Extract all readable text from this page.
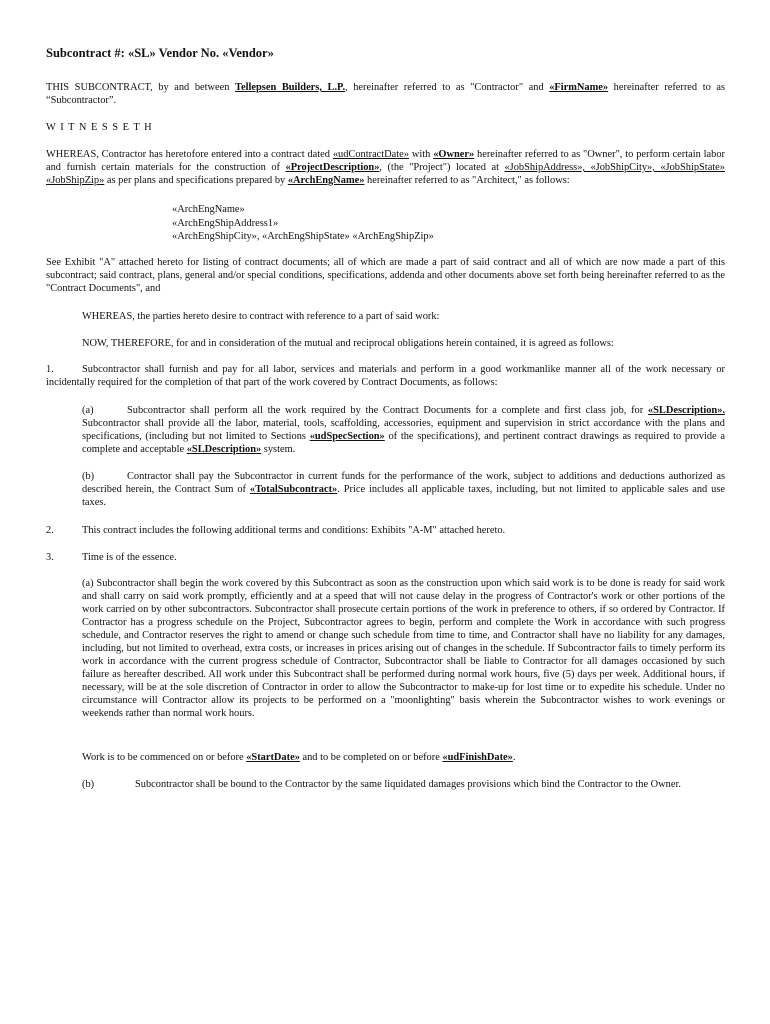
Subcontract #: «SL» Vendor No. «Vendor»
THIS SUBCONTRACT, by and between Tellepsen Builders, L.P., hereinafter referred to as "Contractor" and «FirmName» hereinafter referred to as “Subcontractor”.
W I T N E S S E T H
WHEREAS, Contractor has heretofore entered into a contract dated «udContractDate» with «Owner» hereinafter referred to as "Owner", to perform certain labor and furnish certain materials for the construction of «ProjectDescription», (the "Project") located at «JobShipAddress», «JobShipCity», «JobShipState» «JobShipZip» as per plans and specifications prepared by «ArchEngName» hereinafter referred to as "Architect," as follows:
«ArchEngName»
«ArchEngShipAddress1»
«ArchEngShipCity», «ArchEngShipState» «ArchEngShipZip»
See Exhibit "A" attached hereto for listing of contract documents; all of which are made a part of said contract and all of which are now made a part of this subcontract; said contract, plans, general and/or special conditions, specifications, addenda and other documents above set forth being hereinafter referred to as the "Contract Documents", and
WHEREAS, the parties hereto desire to contract with reference to a part of said work:
NOW, THEREFORE, for and in consideration of the mutual and reciprocal obligations herein contained, it is agreed as follows:
1.	Subcontractor shall furnish and pay for all labor, services and materials and perform in a good workmanlike manner all of the work necessary or incidentally required for the completion of that part of the work covered by Contract Documents, as follows:
(a)	Subcontractor shall perform all the work required by the Contract Documents for a complete and first class job, for «SLDescription». Subcontractor shall provide all the labor, material, tools, scaffolding, accessories, equipment and supervision in strict accordance with the plans and specifications, (including but not limited to Sections «udSpecSection» of the specifications), and pertinent contract drawings as required to provide a complete and acceptable «SLDescription» system.
(b)	Contractor shall pay the Subcontractor in current funds for the performance of the work, subject to additions and deductions authorized as described herein, the Contract Sum of «TotalSubcontract». Price includes all applicable taxes, including, but not limited to applicable sales and use taxes.
2.	This contract includes the following additional terms and conditions: Exhibits "A-M" attached hereto.
3.	Time is of the essence.
(a) Subcontractor shall begin the work covered by this Subcontract as soon as the construction upon which said work is to be done is ready for said work and shall carry on said work promptly, efficiently and at a speed that will not cause delay in the progress of Contractor's work or other portions of the work carried on by other subcontractors. Subcontractor shall prosecute certain portions of the work in preference to others, if so ordered by Contractor. If Contractor has a progress schedule on the Project, Subcontractor agrees to begin, perform and complete the Work in accordance with such progress schedule, and Contractor reserves the right to amend or change such schedule from time to time, and Contractor shall have no liability for any damages, including, but not limited to overhead, extra costs, or increases in prices arising out of changes in the schedule. If Subcontractor fails to timely perform its work in accordance with the current progress schedule of Contractor, Subcontractor shall be liable to Contractor for all damages occasioned by such failure as hereafter described. All work under this Subcontract shall be performed during normal work hours, five (5) days per week. Additional hours, if necessary, will be at the sole discretion of Contractor in order to allow the Subcontractor to make-up for lost time or to expedite his schedule. Under no circumstance will Contractor allow its projects to be performed on a "moonlighting" basis wherein the Subcontractor wishes to work evenings or weekends rather than normal work hours.
Work is to be commenced on or before «StartDate» and to be completed on or before «udFinishDate».
(b)	Subcontractor shall be bound to the Contractor by the same liquidated damages provisions which bind the Contractor to the Owner.
